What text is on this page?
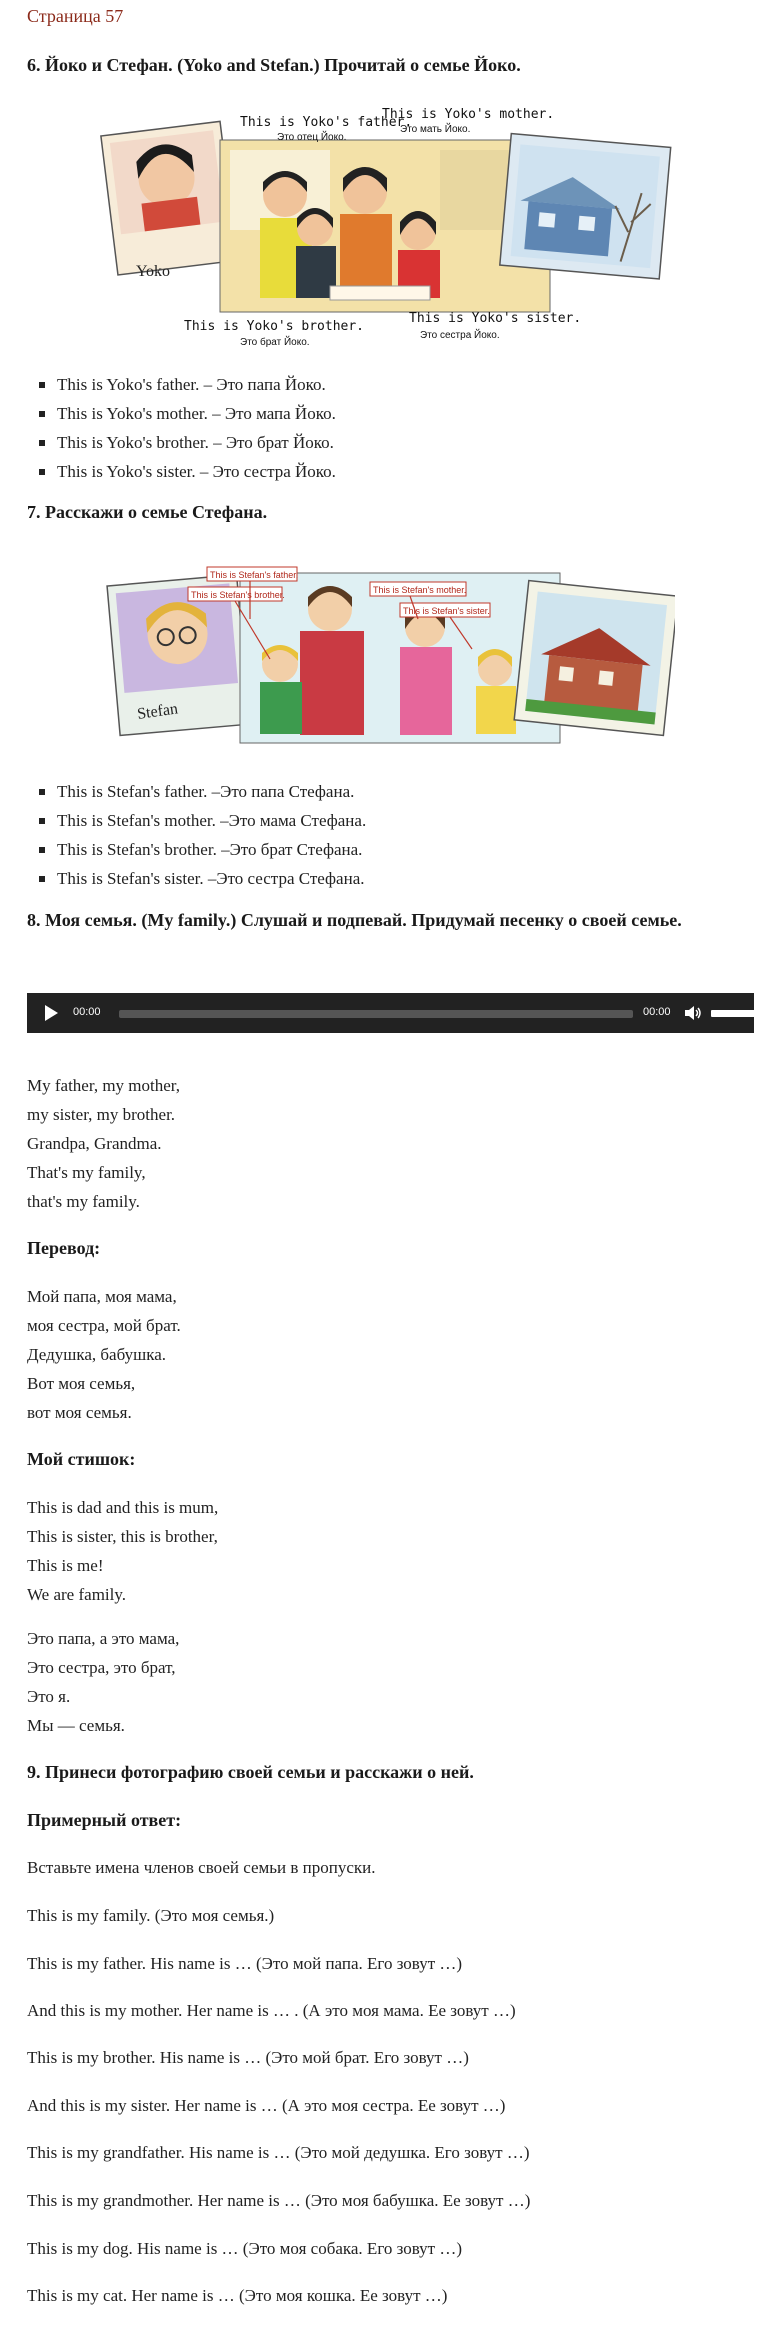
Страница 57
6. Йоко и Стефан. (Yoko and Stefan.) Прочитай о семье Йоко.
Yoko
This is Yoko's father.
Это отец Йоко.
This is Yoko's mother.
Это мать Йоко.
This is Yoko's brother.
Это брат Йоко.
This is Yoko's sister.
Это сестра Йоко.
This is Yoko's father. – Это папа Йоко.
This is Yoko's mother. – Это мапа Йоко.
This is Yoko's brother. – Это брат Йоко.
This is Yoko's sister. – Это сестра Йоко.
7. Расскажи о семье Стефана.
Stefan
This is Stefan's father.
This is Stefan's brother.	This is Stefan's mother.
This is Stefan's sister.
This is Stefan's father. –Это папа Стефана.
This is Stefan's mother. –Это мама Стефана.
This is Stefan's brother. –Это брат Стефана.
This is Stefan's sister. –Это сестра Стефана.
8. Моя семья. (My family.) Слушай и подпевай. Придумай песенку о своей семье.
00:00	00:00
My father, my mother,
my sister, my brother.
Grandpa, Grandma.
That's my family,
that's my family.
Перевод:
Мой папа, моя мама,
моя сестра, мой брат.
Дедушка, бабушка.
Вот моя семья,
вот моя семья.
Мой стишок:
This is dad and this is mum,
This is sister, this is brother,
This is me!
We are family.
Это папа, а это мама,
Это сестра, это брат,
Это я.
Мы — семья.
9. Принеси фотографию своей семьи и расскажи о ней.
Примерный ответ:
Вставьте имена членов своей семьи в пропуски.
This is my family. (Это моя семья.)
This is my father. His name is … (Это мой папа. Его зовут …)
And this is my mother. Her name is … . (А это моя мама. Ее зовут …)
This is my brother. His name is … (Это мой брат. Его зовут …)
And this is my sister. Her name is … (А это моя сестра. Ее зовут …)
This is my grandfather. His name is … (Это мой дедушка. Его зовут …)
This is my grandmother. Her name is … (Это моя бабушка. Ее зовут …)
This is my dog. His name is … (Это моя собака. Его зовут …)
This is my cat. Her name is … (Это моя кошка. Ее зовут …)
